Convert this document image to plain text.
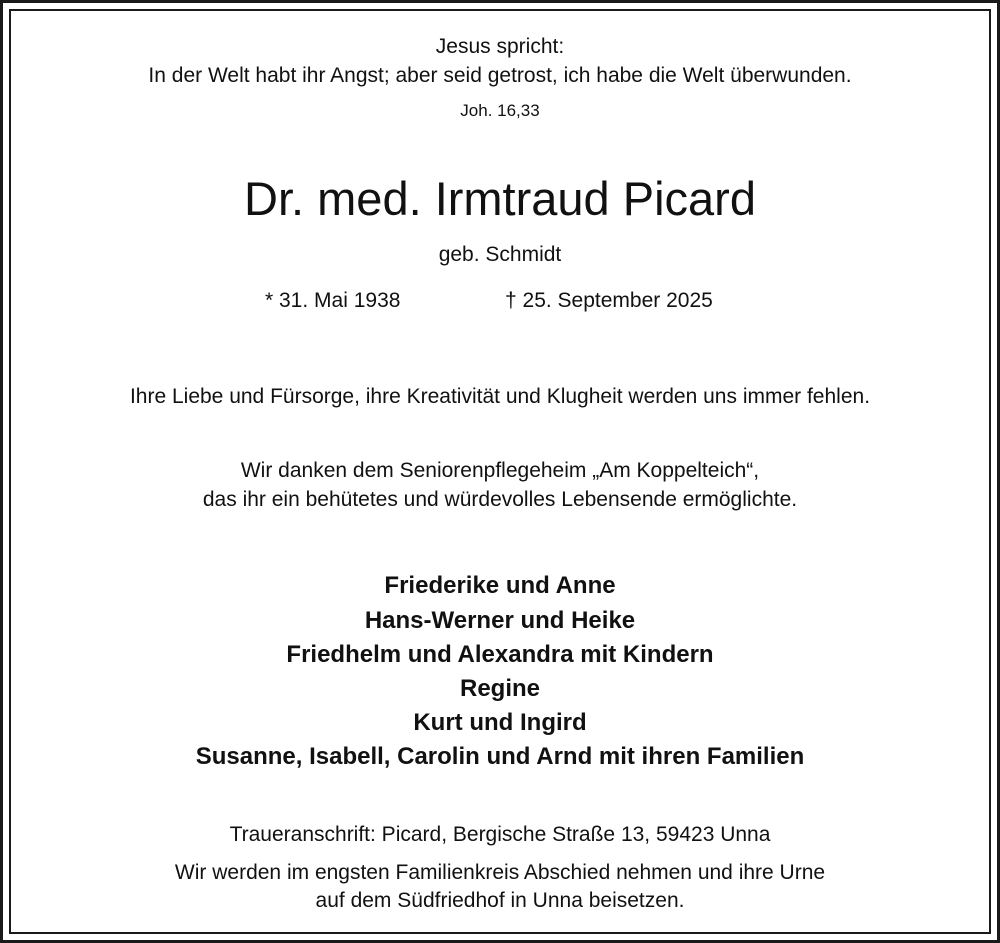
Jesus spricht:
In der Welt habt ihr Angst; aber seid getrost, ich habe die Welt überwunden.
Joh. 16,33
Dr. med. Irmtraud Picard
geb. Schmidt
* 31. Mai 1938	† 25. September 2025
Ihre Liebe und Fürsorge, ihre Kreativität und Klugheit werden uns immer fehlen.
Wir danken dem Seniorenpflegeheim „Am Koppelteich“,
das ihr ein behütetes und würdevolles Lebensende ermöglichte.
Friederike und Anne
Hans-Werner und Heike
Friedhelm und Alexandra mit Kindern
Regine
Kurt und Ingird
Susanne, Isabell, Carolin und Arnd mit ihren Familien
Traueranschrift: Picard, Bergische Straße 13, 59423 Unna
Wir werden im engsten Familienkreis Abschied nehmen und ihre Urne
auf dem Südfriedhof in Unna beisetzen.
